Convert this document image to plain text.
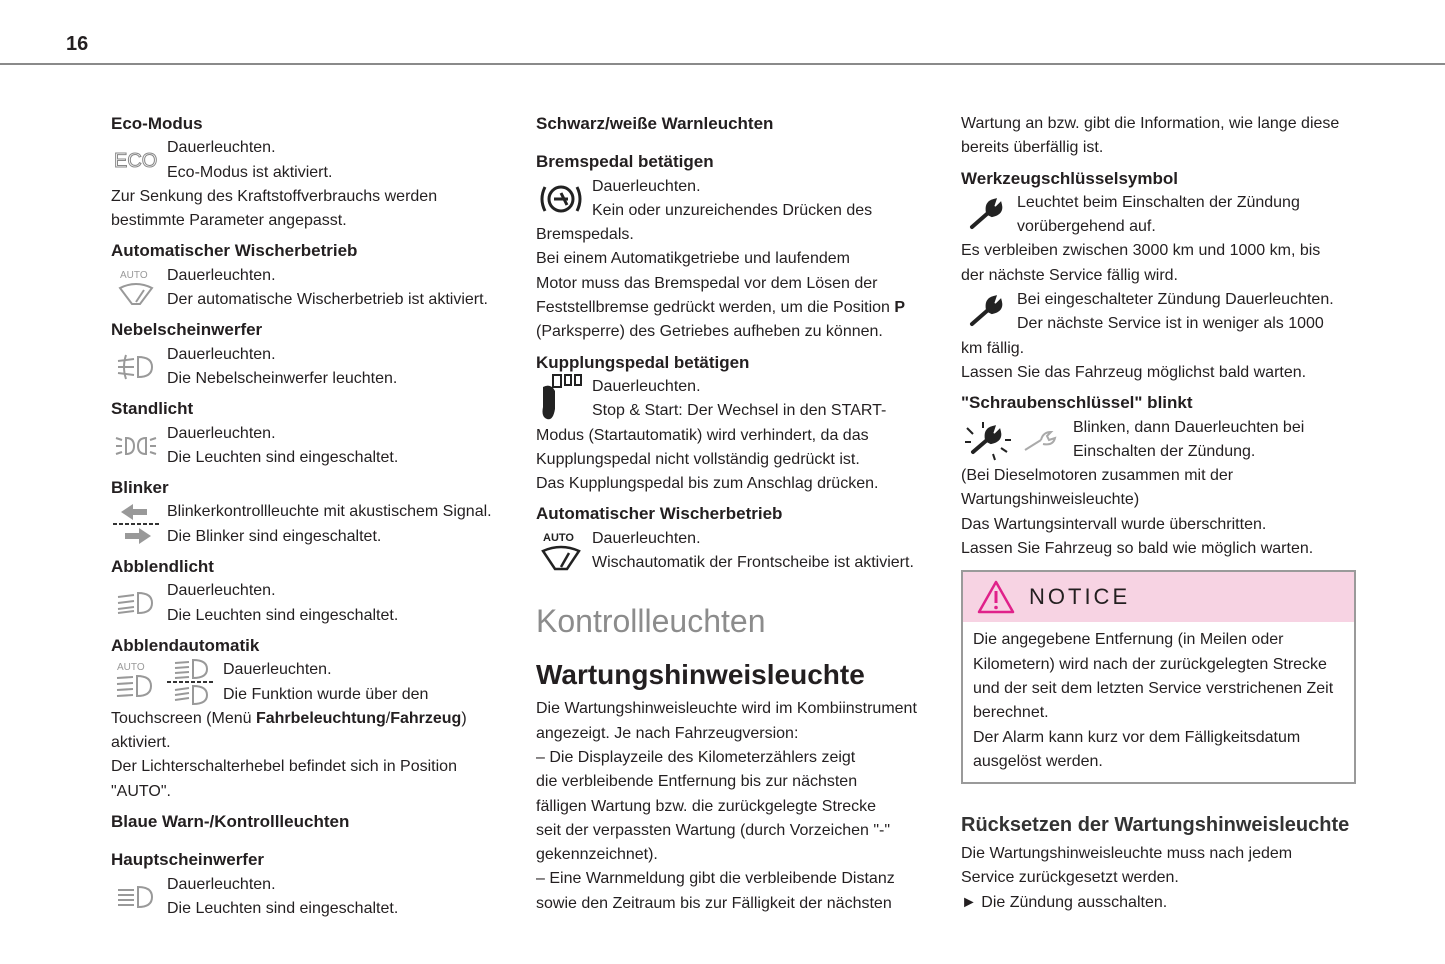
16
Eco-Modus
ECO
Dauerleuchten.
Eco-Modus ist aktiviert.
Zur Senkung des Kraftstoffverbrauchs werden
bestimmte Parameter angepasst.
Automatischer Wischerbetrieb
AUTO	Dauerleuchten.
Der automatische Wischerbetrieb ist aktiviert.
Nebelscheinwerfer
Dauerleuchten.
Die Nebelscheinwerfer leuchten.
Standlicht
Dauerleuchten.
Die Leuchten sind eingeschaltet.
Blinker
Blinkerkontrollleuchte mit akustischem Signal.
Die Blinker sind eingeschaltet.
Abblendlicht
Dauerleuchten.
Die Leuchten sind eingeschaltet.
Abblendautomatik
AUTO	Dauerleuchten.
Die Funktion wurde über den
Touchscreen (Menü Fahrbeleuchtung/Fahrzeug)
aktiviert.
Der Lichterschalterhebel befindet sich in Position
"AUTO".
Blaue Warn-/Kontrollleuchten
Hauptscheinwerfer
Dauerleuchten.
Die Leuchten sind eingeschaltet.
Schwarz/weiße Warnleuchten
Bremspedal betätigen
Dauerleuchten.
Kein oder unzureichendes Drücken des
Bremspedals.
Bei einem Automatikgetriebe und laufendem
Motor muss das Bremspedal vor dem Lösen der
Feststellbremse gedrückt werden, um die Position P
(Parksperre) des Getriebes aufheben zu können.
Kupplungspedal betätigen
Dauerleuchten.
Stop & Start: Der Wechsel in den START-
Modus (Startautomatik) wird verhindert, da das
Kupplungspedal nicht vollständig gedrückt ist.
Das Kupplungspedal bis zum Anschlag drücken.
Automatischer Wischerbetrieb
AUTO	Dauerleuchten.
Wischautomatik der Frontscheibe ist aktiviert.
Kontrollleuchten
Wartungshinweisleuchte
Die Wartungshinweisleuchte wird im Kombiinstrument
angezeigt. Je nach Fahrzeugversion:
– Die Displayzeile des Kilometerzählers zeigt
die verbleibende Entfernung bis zur nächsten
fälligen Wartung bzw. die zurückgelegte Strecke
seit der verpassten Wartung (durch Vorzeichen "-"
gekennzeichnet).
– Eine Warnmeldung gibt die verbleibende Distanz
sowie den Zeitraum bis zur Fälligkeit der nächsten
Wartung an bzw. gibt die Information, wie lange diese
bereits überfällig ist.
Werkzeugschlüsselsymbol
Leuchtet beim Einschalten der Zündung
vorübergehend auf.
Es verbleiben zwischen 3000 km und 1000 km, bis
der nächste Service fällig wird.
Bei eingeschalteter Zündung Dauerleuchten.
Der nächste Service ist in weniger als 1000
km fällig.
Lassen Sie das Fahrzeug möglichst bald warten.
"Schraubenschlüssel" blinkt
Blinken, dann Dauerleuchten bei
Einschalten der Zündung.
(Bei Dieselmotoren zusammen mit der
Wartungshinweisleuchte)
Das Wartungsintervall wurde überschritten.
Lassen Sie Fahrzeug so bald wie möglich warten.
NOTICE
Die angegebene Entfernung (in Meilen oder
Kilometern) wird nach der zurückgelegten Strecke
und der seit dem letzten Service verstrichenen Zeit
berechnet.
Der Alarm kann kurz vor dem Fälligkeitsdatum
ausgelöst werden.
Rücksetzen der Wartungshinweisleuchte
Die Wartungshinweisleuchte muss nach jedem
Service zurückgesetzt werden.
► Die Zündung ausschalten.
